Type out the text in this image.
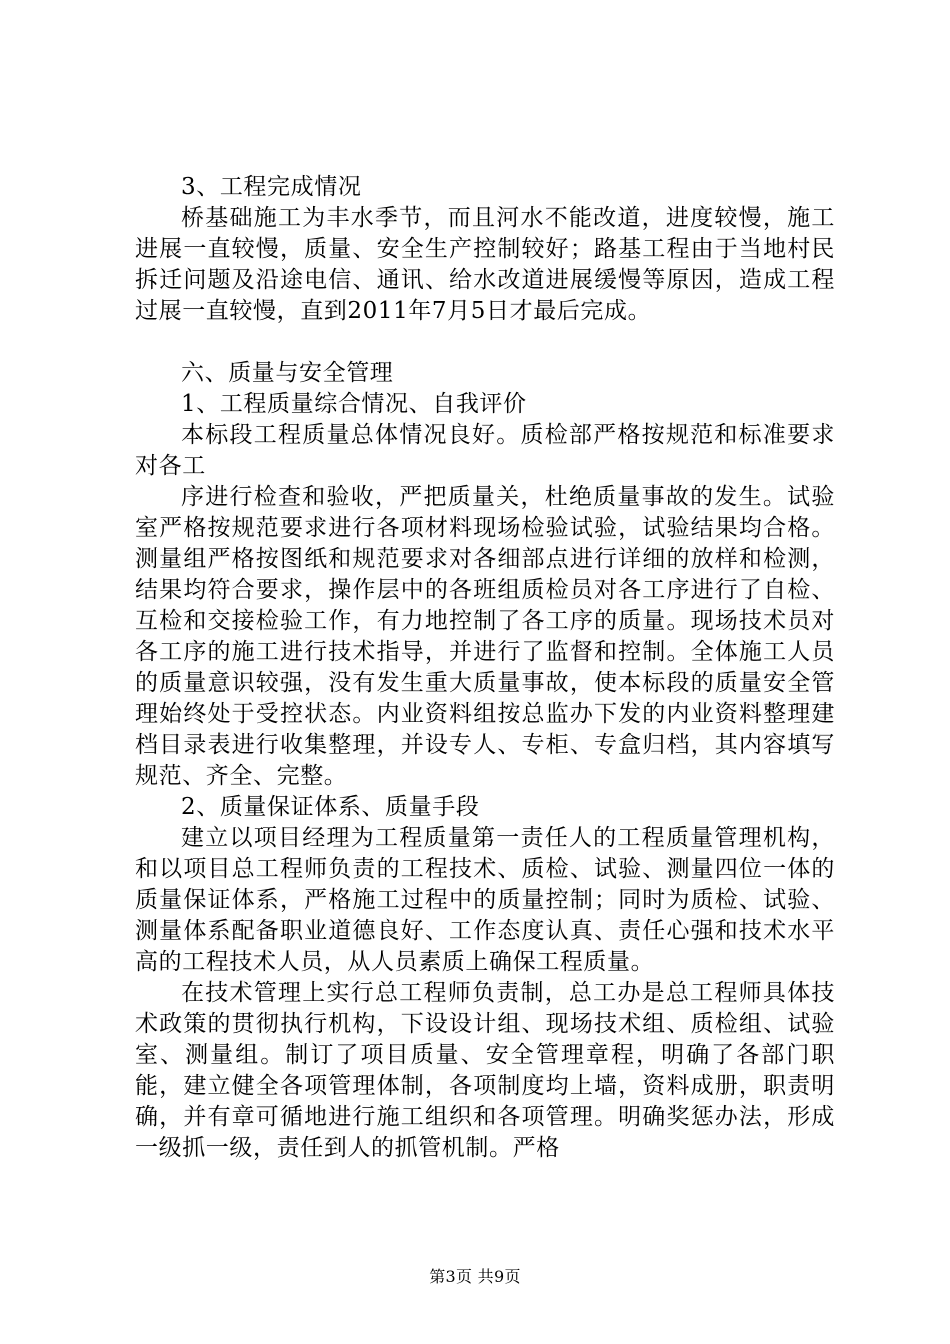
3、工程完成情况

桥基础施工为丰水季节，而且河水不能改道，进度较慢，施工进展一直较慢，质量、安全生产控制较好；路基工程由于当地村民拆迁问题及沿途电信、通讯、给水改道进展缓慢等原因，造成工程过展一直较慢，直到2011年7月5日才最后完成。

六、质量与安全管理

1、工程质量综合情况、自我评价

本标段工程质量总体情况良好。质检部严格按规范和标准要求对各工

序进行检查和验收，严把质量关，杜绝质量事故的发生。试验室严格按规范要求进行各项材料现场检验试验，试验结果均合格。测量组严格按图纸和规范要求对各细部点进行详细的放样和检测，结果均符合要求，操作层中的各班组质检员对各工序进行了自检、互检和交接检验工作，有力地控制了各工序的质量。现场技术员对各工序的施工进行技术指导，并进行了监督和控制。全体施工人员的质量意识较强，没有发生重大质量事故，使本标段的质量安全管理始终处于受控状态。内业资料组按总监办下发的内业资料整理建档目录表进行收集整理，并设专人、专柜、专盒归档，其内容填写规范、齐全、完整。

2、质量保证体系、质量手段

建立以项目经理为工程质量第一责任人的工程质量管理机构，和以项目总工程师负责的工程技术、质检、试验、测量四位一体的质量保证体系，严格施工过程中的质量控制；同时为质检、试验、测量体系配备职业道德良好、工作态度认真、责任心强和技术水平高的工程技术人员，从人员素质上确保工程质量。

在技术管理上实行总工程师负责制，总工办是总工程师具体技术政策的贯彻执行机构，下设设计组、现场技术组、质检组、试验室、测量组。制订了项目质量、安全管理章程，明确了各部门职能，建立健全各项管理体制，各项制度均上墙，资料成册，职责明确，并有章可循地进行施工组织和各项管理。明确奖惩办法，形成一级抓一级，责任到人的抓管机制。严格

第3页 共9页
